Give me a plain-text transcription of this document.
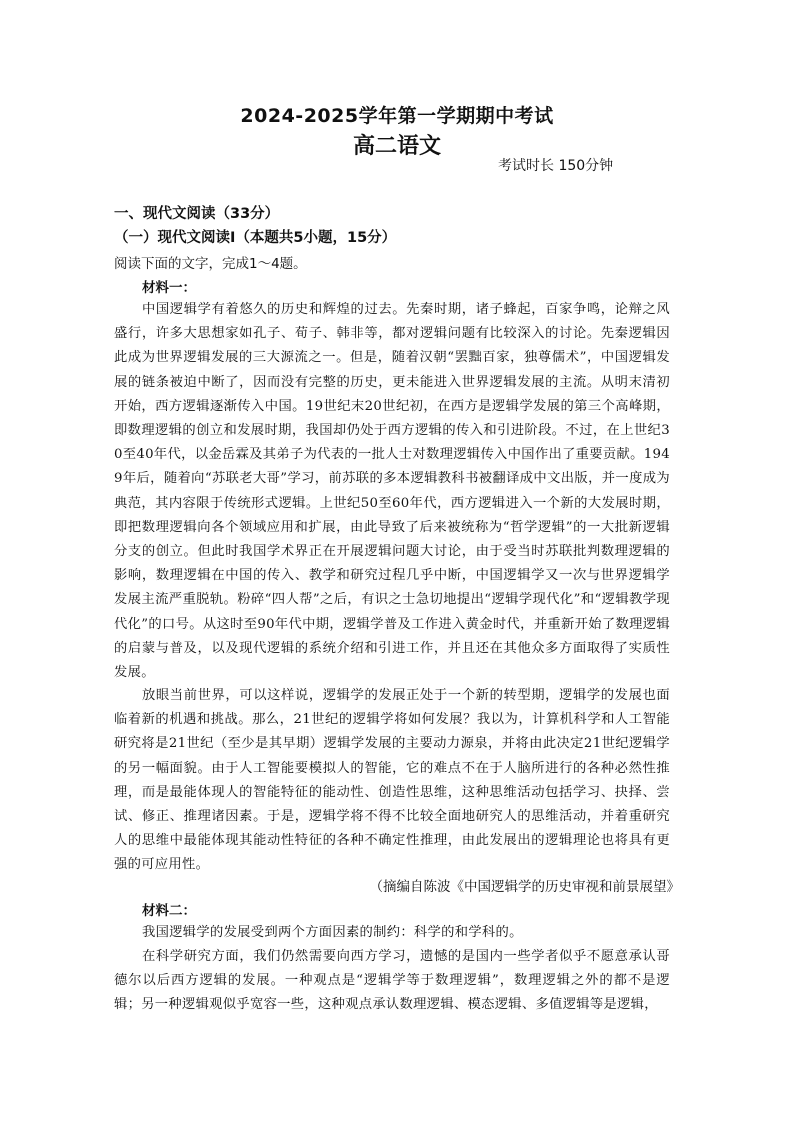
2024-2025学年第一学期期中考试
高二语文
考试时长 150分钟
一、现代文阅读（33分）
（一）现代文阅读Ⅰ（本题共5小题，15分）
阅读下面的文字，完成1～4题。
材料一：
中国逻辑学有着悠久的历史和辉煌的过去。先秦时期，诸子蜂起，百家争鸣，论辩之风盛行，许多大思想家如孔子、荀子、韩非等，都对逻辑问题有比较深入的讨论。先秦逻辑因此成为世界逻辑发展的三大源流之一。但是，随着汉朝“罢黜百家，独尊儒术”，中国逻辑发展的链条被迫中断了，因而没有完整的历史，更未能进入世界逻辑发展的主流。从明末清初开始，西方逻辑逐渐传入中国。19世纪末20世纪初，在西方是逻辑学发展的第三个高峰期，即数理逻辑的创立和发展时期，我国却仍处于西方逻辑的传入和引进阶段。不过，在上世纪30至40年代，以金岳霖及其弟子为代表的一批人士对数理逻辑传入中国作出了重要贡献。1949年后，随着向“苏联老大哥”学习，前苏联的多本逻辑教科书被翻译成中文出版，并一度成为典范，其内容限于传统形式逻辑。上世纪50至60年代，西方逻辑进入一个新的大发展时期，即把数理逻辑向各个领域应用和扩展，由此导致了后来被统称为“哲学逻辑”的一大批新逻辑分支的创立。但此时我国学术界正在开展逻辑问题大讨论，由于受当时苏联批判数理逻辑的影响，数理逻辑在中国的传入、教学和研究过程几乎中断，中国逻辑学又一次与世界逻辑学发展主流严重脱轨。粉碎“四人帮”之后，有识之士急切地提出“逻辑学现代化”和“逻辑教学现代化”的口号。从这时至90年代中期，逻辑学普及工作进入黄金时代，并重新开始了数理逻辑的启蒙与普及，以及现代逻辑的系统介绍和引进工作，并且还在其他众多方面取得了实质性发展。
放眼当前世界，可以这样说，逻辑学的发展正处于一个新的转型期，逻辑学的发展也面临着新的机遇和挑战。那么，21世纪的逻辑学将如何发展？我以为，计算机科学和人工智能研究将是21世纪（至少是其早期）逻辑学发展的主要动力源泉，并将由此决定21世纪逻辑学的另一幅面貌。由于人工智能要模拟人的智能，它的难点不在于人脑所进行的各种必然性推理，而是最能体现人的智能特征的能动性、创造性思维，这种思维活动包括学习、抉择、尝试、修正、推理诸因素。于是，逻辑学将不得不比较全面地研究人的思维活动，并着重研究人的思维中最能体现其能动性特征的各种不确定性推理，由此发展出的逻辑理论也将具有更强的可应用性。
（摘编自陈波《中国逻辑学的历史审视和前景展望》
材料二：
我国逻辑学的发展受到两个方面因素的制约：科学的和学科的。
在科学研究方面，我们仍然需要向西方学习，遗憾的是国内一些学者似乎不愿意承认哥德尔以后西方逻辑的发展。一种观点是“逻辑学等于数理逻辑”，数理逻辑之外的都不是逻辑；另一种逻辑观似乎宽容一些，这种观点承认数理逻辑、模态逻辑、多值逻辑等是逻辑，
